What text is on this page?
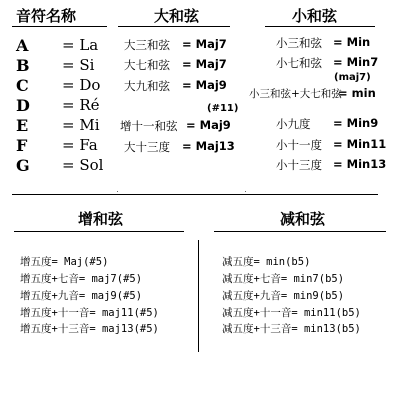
音符名称
A = La
B = Si
C = Do
D = Ré
E = Mi
F = Fa
G = Sol
大和弦
大三和弦 = Maj7
大七和弦 = Maj7
大九和弦 = Maj9
(#11)
增十一和弦 = Maj9
大十三度 = Maj13
小和弦
小三和弦 = Min
小七和弦 = Min7
(maj7)
小三和弦+大七和弦
= min
小九度 = Min9
小十一度 = Min11
小十三度 = Min13
增和弦
增五度= Maj(#5)
增五度+七音= maj7(#5)
增五度+九音= maj9(#5)
增五度+十一音= maj11(#5)
增五度+十三音= maj13(#5)
减和弦
减五度= min(b5)
减五度+七音= min7(b5)
减五度+九音= min9(b5)
减五度+十一音= min11(b5)
减五度+十三音= min13(b5)
